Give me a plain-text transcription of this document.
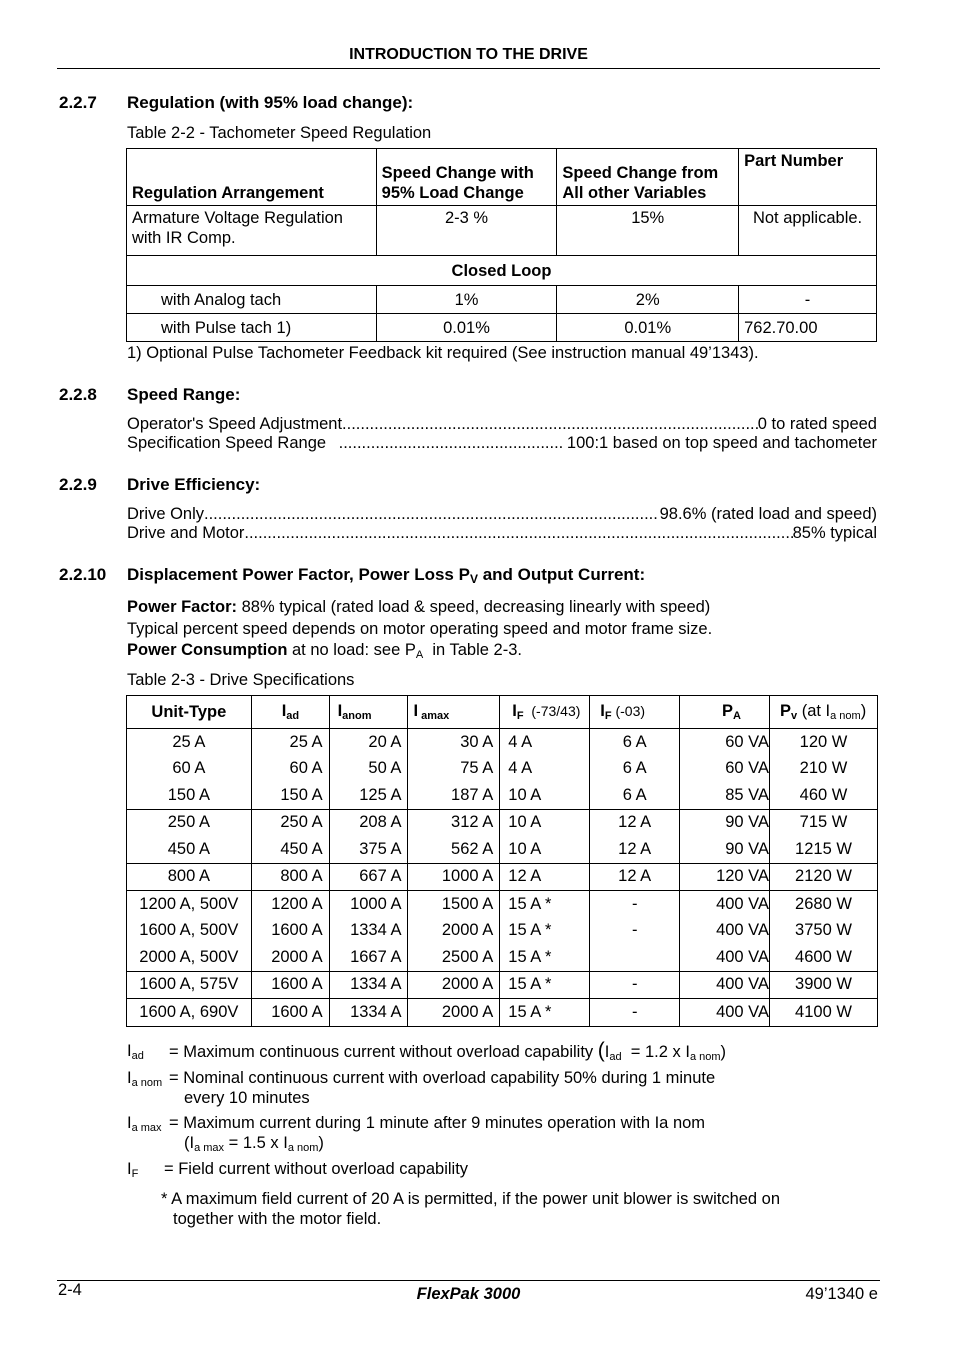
INTRODUCTION TO THE DRIVE
2.2.7 Regulation (with 95% load change):
Table 2-2 - Tachometer Speed Regulation
Regulation Arrangement	Speed Change with 95% Load Change	Speed Change from All other Variables	Part Number
Armature Voltage Regulation with IR Comp.	2-3 %	15%	Not applicable.
Closed Loop			
with Analog tach	1%	2%	-
with Pulse tach 1)	0.01%	0.01%	762.70.00
1) Optional Pulse Tachometer Feedback kit required (See instruction manual 49’1343).
2.2.8 Speed Range:
Operator's Speed Adjustment .....	0 to rated speed
Specification Speed Range .....	100:1 based on top speed and tachometer
2.2.9 Drive Efficiency:
Drive Only .....	98.6% (rated load and speed)
Drive and Motor .....	85% typical
2.2.10 Displacement Power Factor, Power Loss $P_V$ and Output Current:
Power Factor: 88% typical (rated load & speed, decreasing linearly with speed)
Typical percent speed depends on motor operating speed and motor frame size.
Power Consumption at no load: see $P_A$  in Table 2-3.
Table 2-3 - Drive Specifications
Unit-Type	$I_{ad}$	$I_{anom}$	I $_{amax}$	$I_F$  (-73/43)	$I_F$ (-03)	$P_A$	$P_v$ (at $I_{a nom}$)
25 A	25 A	20 A	30 A	4 A	6 A	60 VA	120 W
60 A	60 A	50 A	75 A	4 A	6 A	60 VA	210 W
150 A	150 A	125 A	187 A	10 A	6 A	85 VA	460 W
250 A	250 A	208 A	312 A	10 A	12 A	90 VA	715 W
450 A	450 A	375 A	562 A	10 A	12 A	90 VA	1215 W
800 A	800 A	667 A	1000 A	12 A	12 A	120 VA	2120 W
1200 A, 500V	1200 A	1000 A	1500 A	15 A *	-	400 VA	2680 W
1600 A, 500V	1600 A	1334 A	2000 A	15 A *	-	400 VA	3750 W
2000 A, 500V	2000 A	1667 A	2500 A	15 A *		400 VA	4600 W
1600 A, 575V	1600 A	1334 A	2000 A	15 A *	-	400 VA	3900 W
1600 A, 690V	1600 A	1334 A	2000 A	15 A *	-	400 VA	4100 W
$I_{ad}$ = Maximum continuous current without overload capability ($I_{ad} = 1.2$ x $I_{a nom}$)
$I_{a nom}$ = Nominal continuous current with overload capability 50% during 1 minute
every 10 minutes
$I_{a max}$ = Maximum current during 1 minute after 9 minutes operation with Ia nom
($I_{a max} = 1.5$ x $I_{a nom}$)
$I_F$ = Field current without overload capability
* A maximum field current of 20 A is permitted, if the power unit blower is switched on
together with the motor field.
2-4	FlexPak 3000	49’1340 e
